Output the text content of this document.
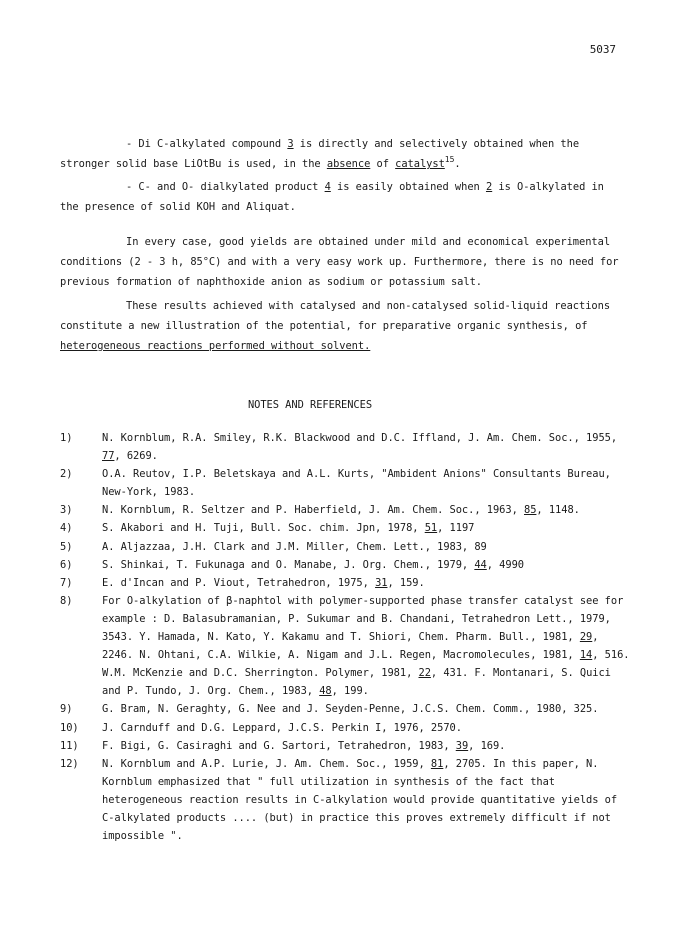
5037
- Di C-alkylated compound 3 is directly and selectively obtained when the stronger solid base LiOtBu is used, in the absence of catalyst$^{15}$.
- C- and O- dialkylated product 4 is easily obtained when 2 is O-alkylated in the presence of solid KOH and Aliquat.
In every case, good yields are obtained under mild and economical experimental conditions (2 - 3 h, 85°C) and with a very easy work up. Furthermore, there is no need for previous formation of naphthoxide anion as sodium or potassium salt.
These results achieved with catalysed and non-catalysed solid-liquid reactions constitute a new illustration of the potential, for preparative organic synthesis, of heterogeneous reactions performed without solvent.
NOTES AND REFERENCES
1)	N. Kornblum, R.A. Smiley, R.K. Blackwood and D.C. Iffland, J. Am. Chem. Soc., 1955, 77, 6269.
2)	O.A. Reutov, I.P. Beletskaya and A.L. Kurts, "Ambident Anions" Consultants Bureau, New-York, 1983.
3)	N. Kornblum, R. Seltzer and P. Haberfield, J. Am. Chem. Soc., 1963, 85, 1148.
4)	S. Akabori and H. Tuji, Bull. Soc. chim. Jpn, 1978, 51, 1197
5)	A. Aljazzaa, J.H. Clark and J.M. Miller, Chem. Lett., 1983, 89
6)	S. Shinkai, T. Fukunaga and O. Manabe, J. Org. Chem., 1979, 44, 4990
7)	E. d'Incan and P. Viout, Tetrahedron, 1975, 31, 159.
8)	For O-alkylation of β-naphtol with polymer-supported phase transfer catalyst see for example : D. Balasubramanian, P. Sukumar and B. Chandani, Tetrahedron Lett., 1979, 3543. Y. Hamada, N. Kato, Y. Kakamu and T. Shiori, Chem. Pharm. Bull., 1981, 29, 2246. N. Ohtani, C.A. Wilkie, A. Nigam and J.L. Regen, Macromolecules, 1981, 14, 516. W.M. McKenzie and D.C. Sherrington. Polymer, 1981, 22, 431. F. Montanari, S. Quici and P. Tundo, J. Org. Chem., 1983, 48, 199.
9)	G. Bram, N. Geraghty, G. Nee and J. Seyden-Penne, J.C.S. Chem. Comm., 1980, 325.
10)	J. Carnduff and D.G. Leppard, J.C.S. Perkin I, 1976, 2570.
11)	F. Bigi, G. Casiraghi and G. Sartori, Tetrahedron, 1983, 39, 169.
12)	N. Kornblum and A.P. Lurie, J. Am. Chem. Soc., 1959, 81, 2705. In this paper, N. Kornblum emphasized that " full utilization in synthesis of the fact that heterogeneous reaction results in C-alkylation would provide quantitative yields of C-alkylated products .... (but) in practice this proves extremely difficult if not impossible ".
